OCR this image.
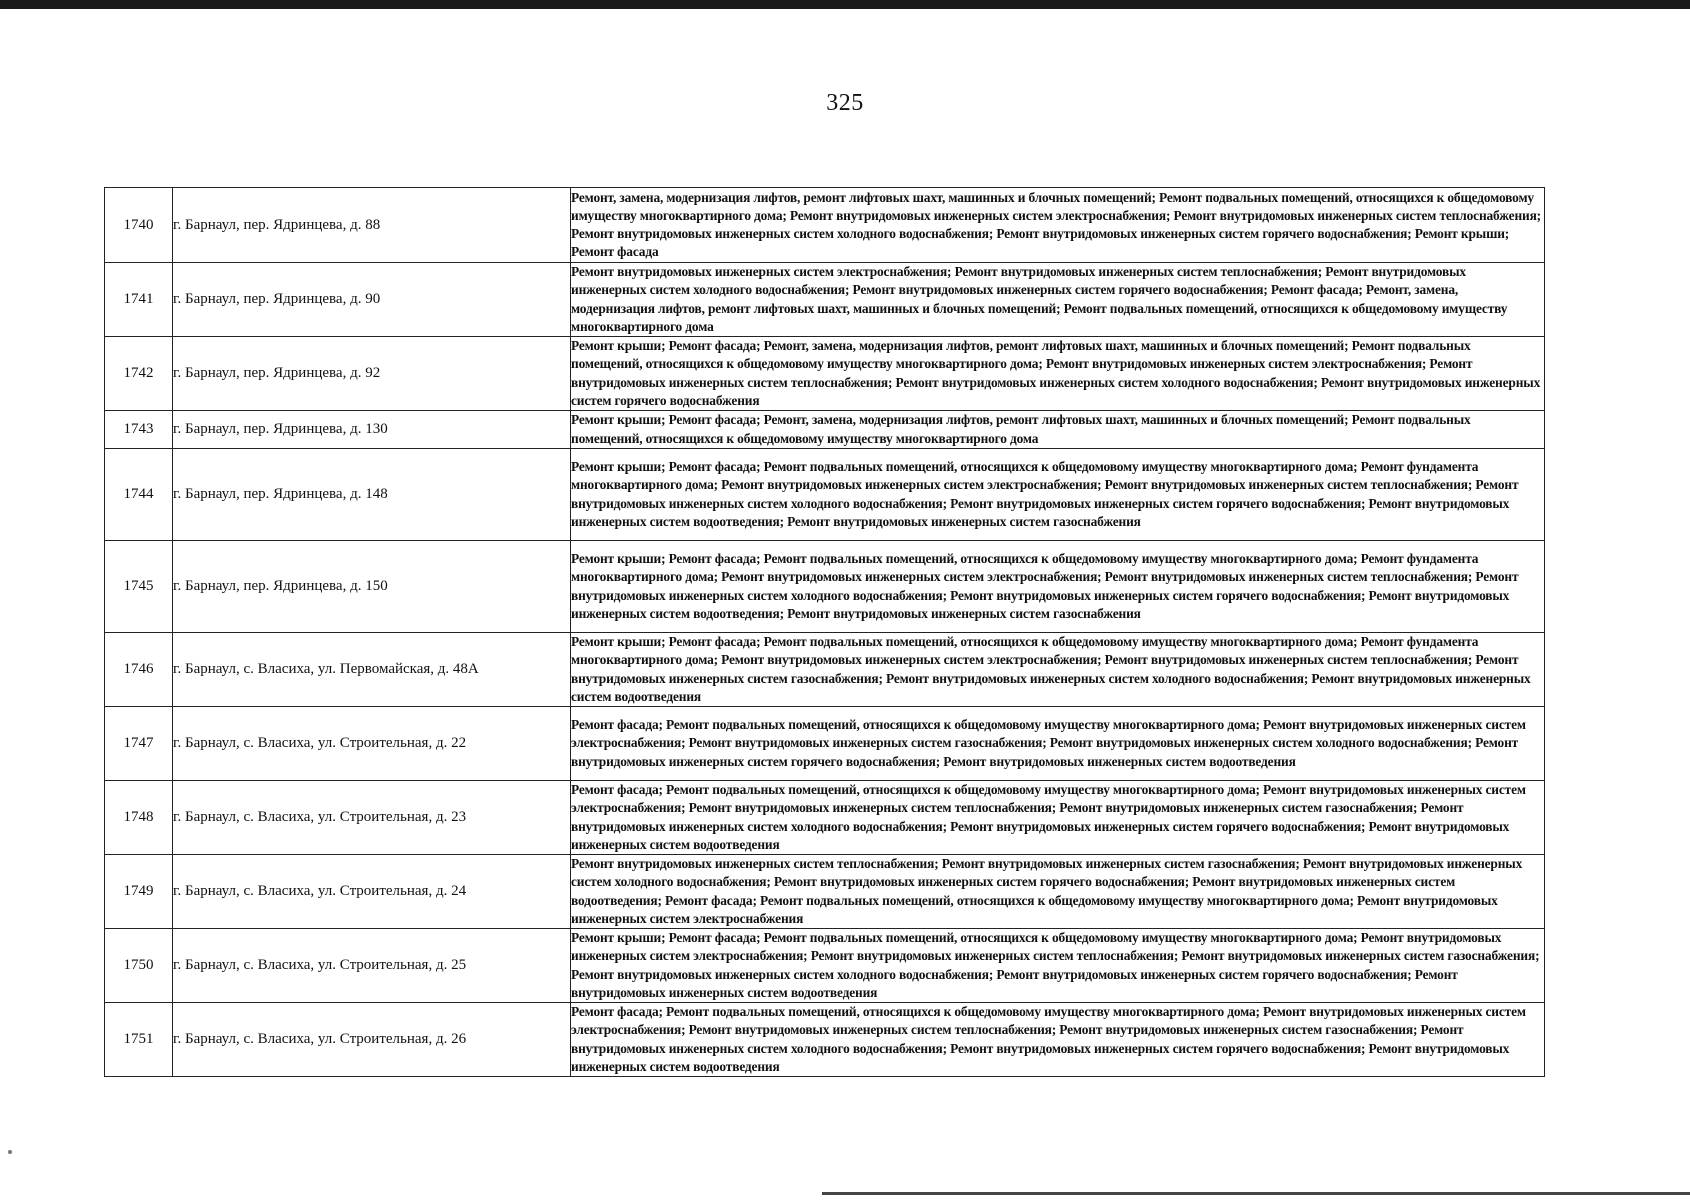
325
1740	г. Барнаул, пер. Ядринцева, д. 88	Ремонт, замена, модернизация лифтов, ремонт лифтовых шахт, машинных и блочных помещений; Ремонт подвальных помещений, относящихся к общедомовому имуществу многоквартирного дома; Ремонт внутридомовых инженерных систем электроснабжения; Ремонт внутридомовых инженерных систем теплоснабжения; Ремонт внутридомовых инженерных систем холодного водоснабжения; Ремонт внутридомовых инженерных систем горячего водоснабжения; Ремонт крыши; Ремонт фасада
1741	г. Барнаул, пер. Ядринцева, д. 90	Ремонт внутридомовых инженерных систем электроснабжения; Ремонт внутридомовых инженерных систем теплоснабжения; Ремонт внутридомовых инженерных систем холодного водоснабжения; Ремонт внутридомовых инженерных систем горячего водоснабжения; Ремонт фасада; Ремонт, замена, модернизация лифтов, ремонт лифтовых шахт, машинных и блочных помещений; Ремонт подвальных помещений, относящихся к общедомовому имуществу многоквартирного дома
1742	г. Барнаул, пер. Ядринцева, д. 92	Ремонт крыши; Ремонт фасада; Ремонт, замена, модернизация лифтов, ремонт лифтовых шахт, машинных и блочных помещений; Ремонт подвальных помещений, относящихся к общедомовому имуществу многоквартирного дома; Ремонт внутридомовых инженерных систем электроснабжения; Ремонт внутридомовых инженерных систем теплоснабжения; Ремонт внутридомовых инженерных систем холодного водоснабжения; Ремонт внутридомовых инженерных систем горячего водоснабжения
1743	г. Барнаул, пер. Ядринцева, д. 130	Ремонт крыши; Ремонт фасада; Ремонт, замена, модернизация лифтов, ремонт лифтовых шахт, машинных и блочных помещений; Ремонт подвальных помещений, относящихся к общедомовому имуществу многоквартирного дома
1744	г. Барнаул, пер. Ядринцева, д. 148	Ремонт крыши; Ремонт фасада; Ремонт подвальных помещений, относящихся к общедомовому имуществу многоквартирного дома; Ремонт фундамента многоквартирного дома; Ремонт внутридомовых инженерных систем электроснабжения; Ремонт внутридомовых инженерных систем теплоснабжения; Ремонт внутридомовых инженерных систем холодного водоснабжения; Ремонт внутридомовых инженерных систем горячего водоснабжения; Ремонт внутридомовых инженерных систем водоотведения; Ремонт внутридомовых инженерных систем газоснабжения
1745	г. Барнаул, пер. Ядринцева, д. 150	Ремонт крыши; Ремонт фасада; Ремонт подвальных помещений, относящихся к общедомовому имуществу многоквартирного дома; Ремонт фундамента многоквартирного дома; Ремонт внутридомовых инженерных систем электроснабжения; Ремонт внутридомовых инженерных систем теплоснабжения; Ремонт внутридомовых инженерных систем холодного водоснабжения; Ремонт внутридомовых инженерных систем горячего водоснабжения; Ремонт внутридомовых инженерных систем водоотведения; Ремонт внутридомовых инженерных систем газоснабжения
1746	г. Барнаул, с. Власиха, ул. Первомайская, д. 48А	Ремонт крыши; Ремонт фасада; Ремонт подвальных помещений, относящихся к общедомовому имуществу многоквартирного дома; Ремонт фундамента многоквартирного дома; Ремонт внутридомовых инженерных систем электроснабжения; Ремонт внутридомовых инженерных систем теплоснабжения; Ремонт внутридомовых инженерных систем газоснабжения; Ремонт внутридомовых инженерных систем холодного водоснабжения; Ремонт внутридомовых инженерных систем водоотведения
1747	г. Барнаул, с. Власиха, ул. Строительная, д. 22	Ремонт фасада; Ремонт подвальных помещений, относящихся к общедомовому имуществу многоквартирного дома; Ремонт внутридомовых инженерных систем электроснабжения; Ремонт внутридомовых инженерных систем газоснабжения; Ремонт внутридомовых инженерных систем холодного водоснабжения; Ремонт внутридомовых инженерных систем горячего водоснабжения; Ремонт внутридомовых инженерных систем водоотведения
1748	г. Барнаул, с. Власиха, ул. Строительная, д. 23	Ремонт фасада; Ремонт подвальных помещений, относящихся к общедомовому имуществу многоквартирного дома; Ремонт внутридомовых инженерных систем электроснабжения; Ремонт внутридомовых инженерных систем теплоснабжения; Ремонт внутридомовых инженерных систем газоснабжения; Ремонт внутридомовых инженерных систем холодного водоснабжения; Ремонт внутридомовых инженерных систем горячего водоснабжения; Ремонт внутридомовых инженерных систем водоотведения
1749	г. Барнаул, с. Власиха, ул. Строительная, д. 24	Ремонт внутридомовых инженерных систем теплоснабжения; Ремонт внутридомовых инженерных систем газоснабжения; Ремонт внутридомовых инженерных систем холодного водоснабжения; Ремонт внутридомовых инженерных систем горячего водоснабжения; Ремонт внутридомовых инженерных систем водоотведения; Ремонт фасада; Ремонт подвальных помещений, относящихся к общедомовому имуществу многоквартирного дома; Ремонт внутридомовых инженерных систем электроснабжения
1750	г. Барнаул, с. Власиха, ул. Строительная, д. 25	Ремонт крыши; Ремонт фасада; Ремонт подвальных помещений, относящихся к общедомовому имуществу многоквартирного дома; Ремонт внутридомовых инженерных систем электроснабжения; Ремонт внутридомовых инженерных систем теплоснабжения; Ремонт внутридомовых инженерных систем газоснабжения; Ремонт внутридомовых инженерных систем холодного водоснабжения; Ремонт внутридомовых инженерных систем горячего водоснабжения; Ремонт внутридомовых инженерных систем водоотведения
1751	г. Барнаул, с. Власиха, ул. Строительная, д. 26	Ремонт фасада; Ремонт подвальных помещений, относящихся к общедомовому имуществу многоквартирного дома; Ремонт внутридомовых инженерных систем электроснабжения; Ремонт внутридомовых инженерных систем теплоснабжения; Ремонт внутридомовых инженерных систем газоснабжения; Ремонт внутридомовых инженерных систем холодного водоснабжения; Ремонт внутридомовых инженерных систем горячего водоснабжения; Ремонт внутридомовых инженерных систем водоотведения
